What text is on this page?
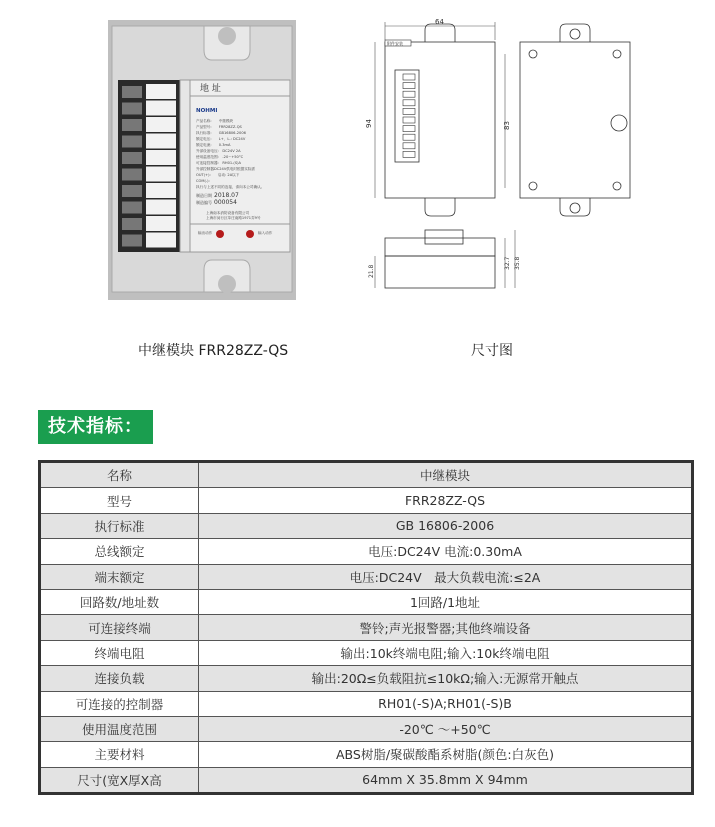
地 址
NOHMI
产品名称:　　中继模块
产品型号:　　FRR28ZZ-QS
执行标准:　　GB16806-2006
额定电压:　　L+、L-: DC24V
额定电流:　　0.3mA
外部设备电压:　DC24V 2A
使用温度范围:　-20~+50°C
可连接控制器:　RH01-(S)A
外部控制器DC24V供电时根据实际需
OUT(+):　　启动: 2A以下
COM(-):　
执行与上述不同的连接，请向本公司确认。
制造日期 2018.07
制造编号 000054
上海南本消防设备有限公司
上海市闵行区莘庄南路1971弄9号
输出动作	输入动作
中继模块 FRR28ZZ-QS
64
附件安装
94	83
21.8
32.7 35.8
尺寸图
技术指标：
名称	中继模块
型号	FRR28ZZ-QS
执行标准	GB 16806-2006
总线额定	电压:DC24V 电流:0.30mA
端末额定	电压:DC24V　最大负载电流:≤2A
回路数/地址数	1回路/1地址
可连接终端	警铃;声光报警器;其他终端设备
终端电阻	输出:10k终端电阻;输入:10k终端电阻
连接负载	输出:20Ω≤负载阻抗≤10kΩ;输入:无源常开触点
可连接的控制器	RH01(-S)A;RH01(-S)B
使用温度范围	-20℃ ～+50℃
主要材料	ABS树脂/聚碳酸酯系树脂(颜色:白灰色)
尺寸(宽X厚X高	64mm X 35.8mm X 94mm
